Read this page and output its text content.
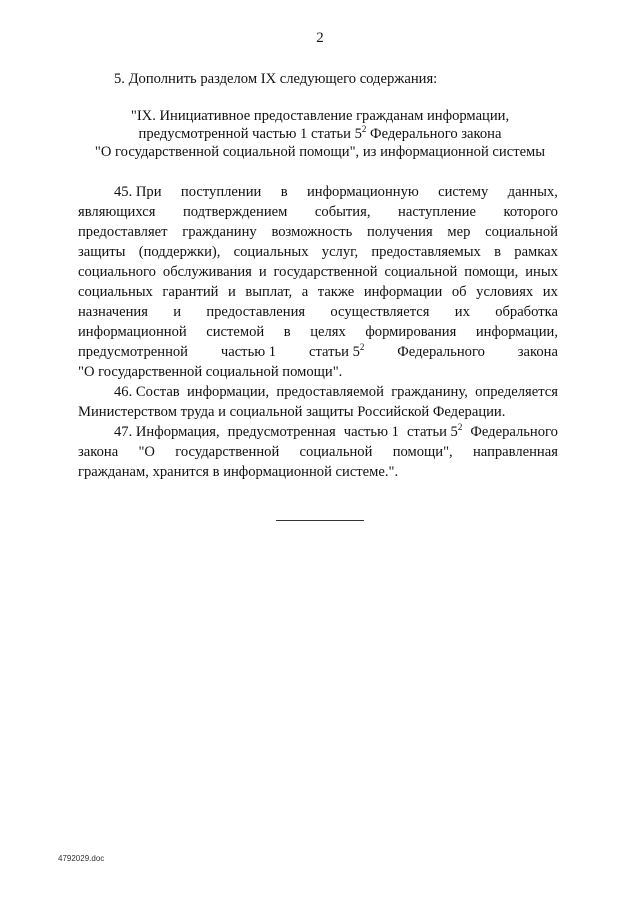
2
5. Дополнить разделом IX следующего содержания:
"IX. Инициативное предоставление гражданам информации,
предусмотренной частью 1 статьи $5^2$ Федерального закона
"О государственной социальной помощи", из информационной системы
45. При поступлении в информационную систему данных,
являющихся подтверждением события, наступление которого
предоставляет гражданину возможность получения мер социальной
защиты (поддержки), социальных услуг, предоставляемых в рамках
социального обслуживания и государственной социальной помощи, иных
социальных гарантий и выплат, а также информации об условиях их
назначения и предоставления осуществляется их обработка
информационной системой в целях формирования информации,
предусмотренной частью 1 статьи $5^2$ Федерального закона
"О государственной социальной помощи".
46. Состав информации, предоставляемой гражданину, определяется
Министерством труда и социальной защиты Российской Федерации.
47. Информация, предусмотренная частью 1 статьи $5^2$ Федерального
закона "О государственной социальной помощи", направленная
гражданам, хранится в информационной системе.".
4792029.doc
